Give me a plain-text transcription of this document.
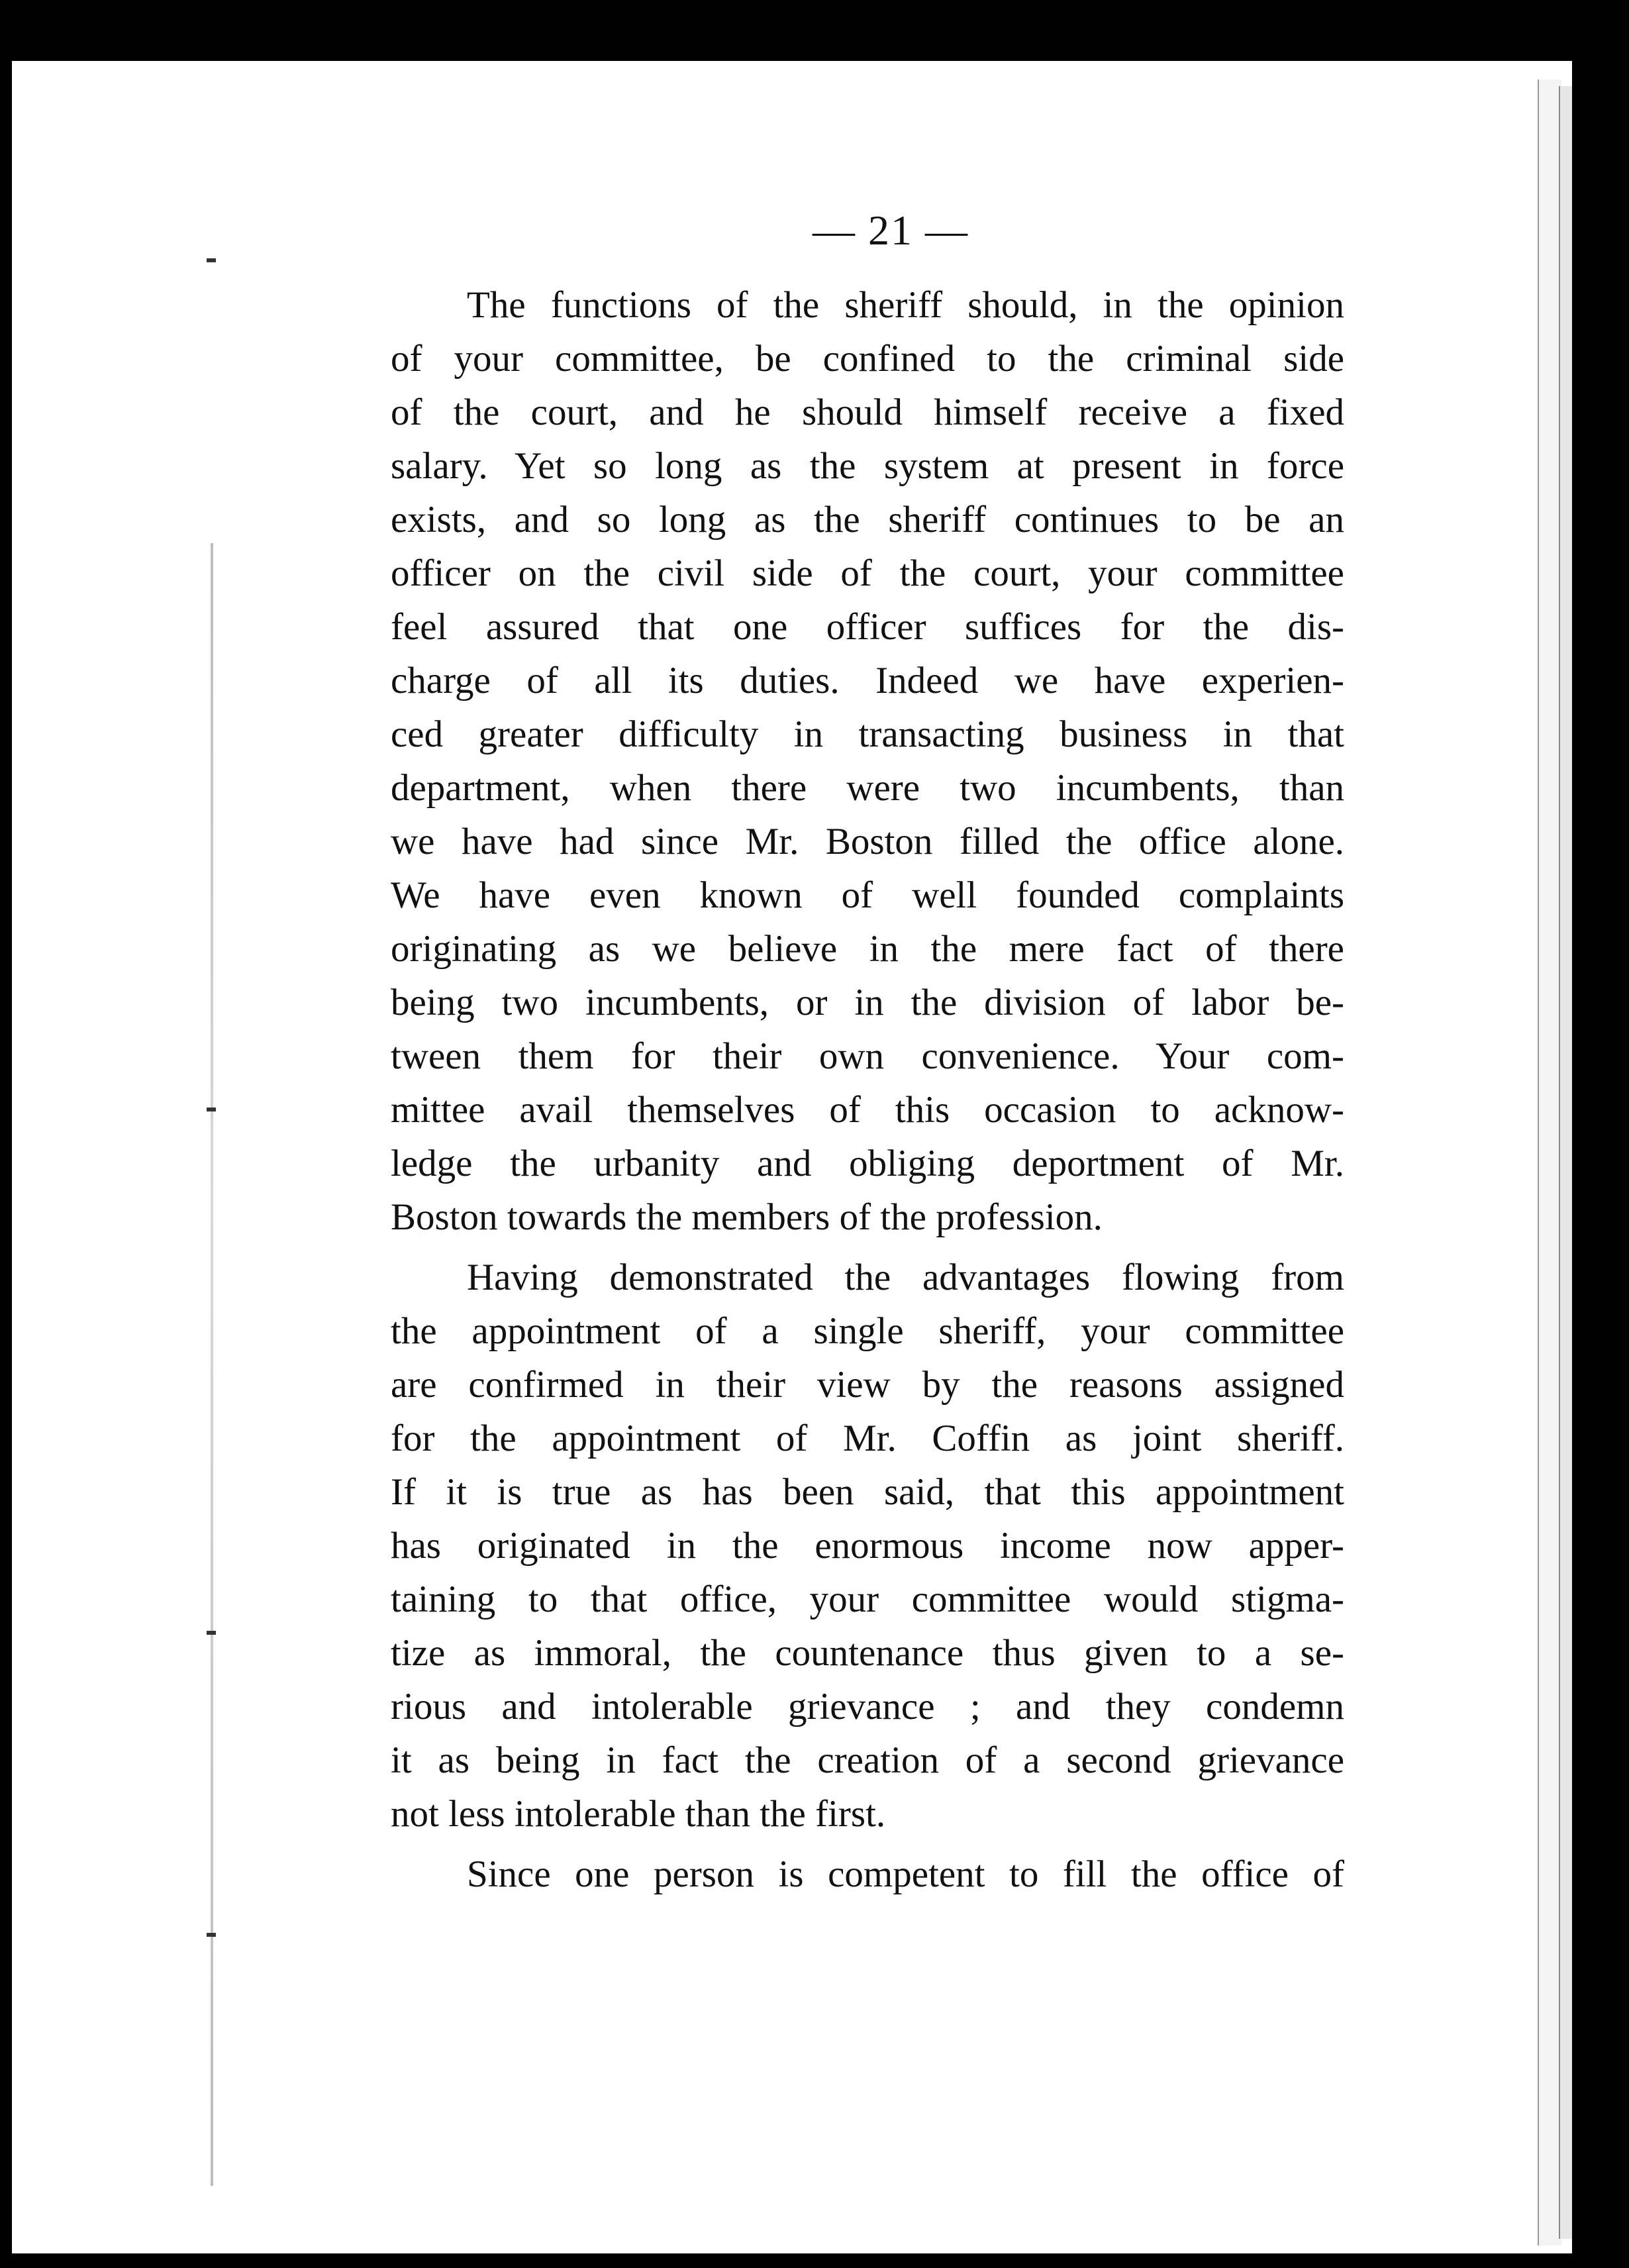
— 21 —
The functions of the sheriff should, in the opinion
of your committee, be confined to the criminal side
of the court, and he should himself receive a fixed
salary. Yet so long as the system at present in force
exists, and so long as the sheriff continues to be an
officer on the civil side of the court, your committee
feel assured that one officer suffices for the dis-
charge of all its duties. Indeed we have experien-
ced greater difficulty in transacting business in that
department, when there were two incumbents, than
we have had since Mr. Boston filled the office alone.
We have even known of well founded complaints
originating as we believe in the mere fact of there
being two incumbents, or in the division of labor be-
tween them for their own convenience. Your com-
mittee avail themselves of this occasion to acknow-
ledge the urbanity and obliging deportment of Mr.
Boston towards the members of the profession.
Having demonstrated the advantages flowing from
the appointment of a single sheriff, your committee
are confirmed in their view by the reasons assigned
for the appointment of Mr. Coffin as joint sheriff.
If it is true as has been said, that this appointment
has originated in the enormous income now apper-
taining to that office, your committee would stigma-
tize as immoral, the countenance thus given to a se-
rious and intolerable grievance ; and they condemn
it as being in fact the creation of a second grievance
not less intolerable than the first.
Since one person is competent to fill the office of
